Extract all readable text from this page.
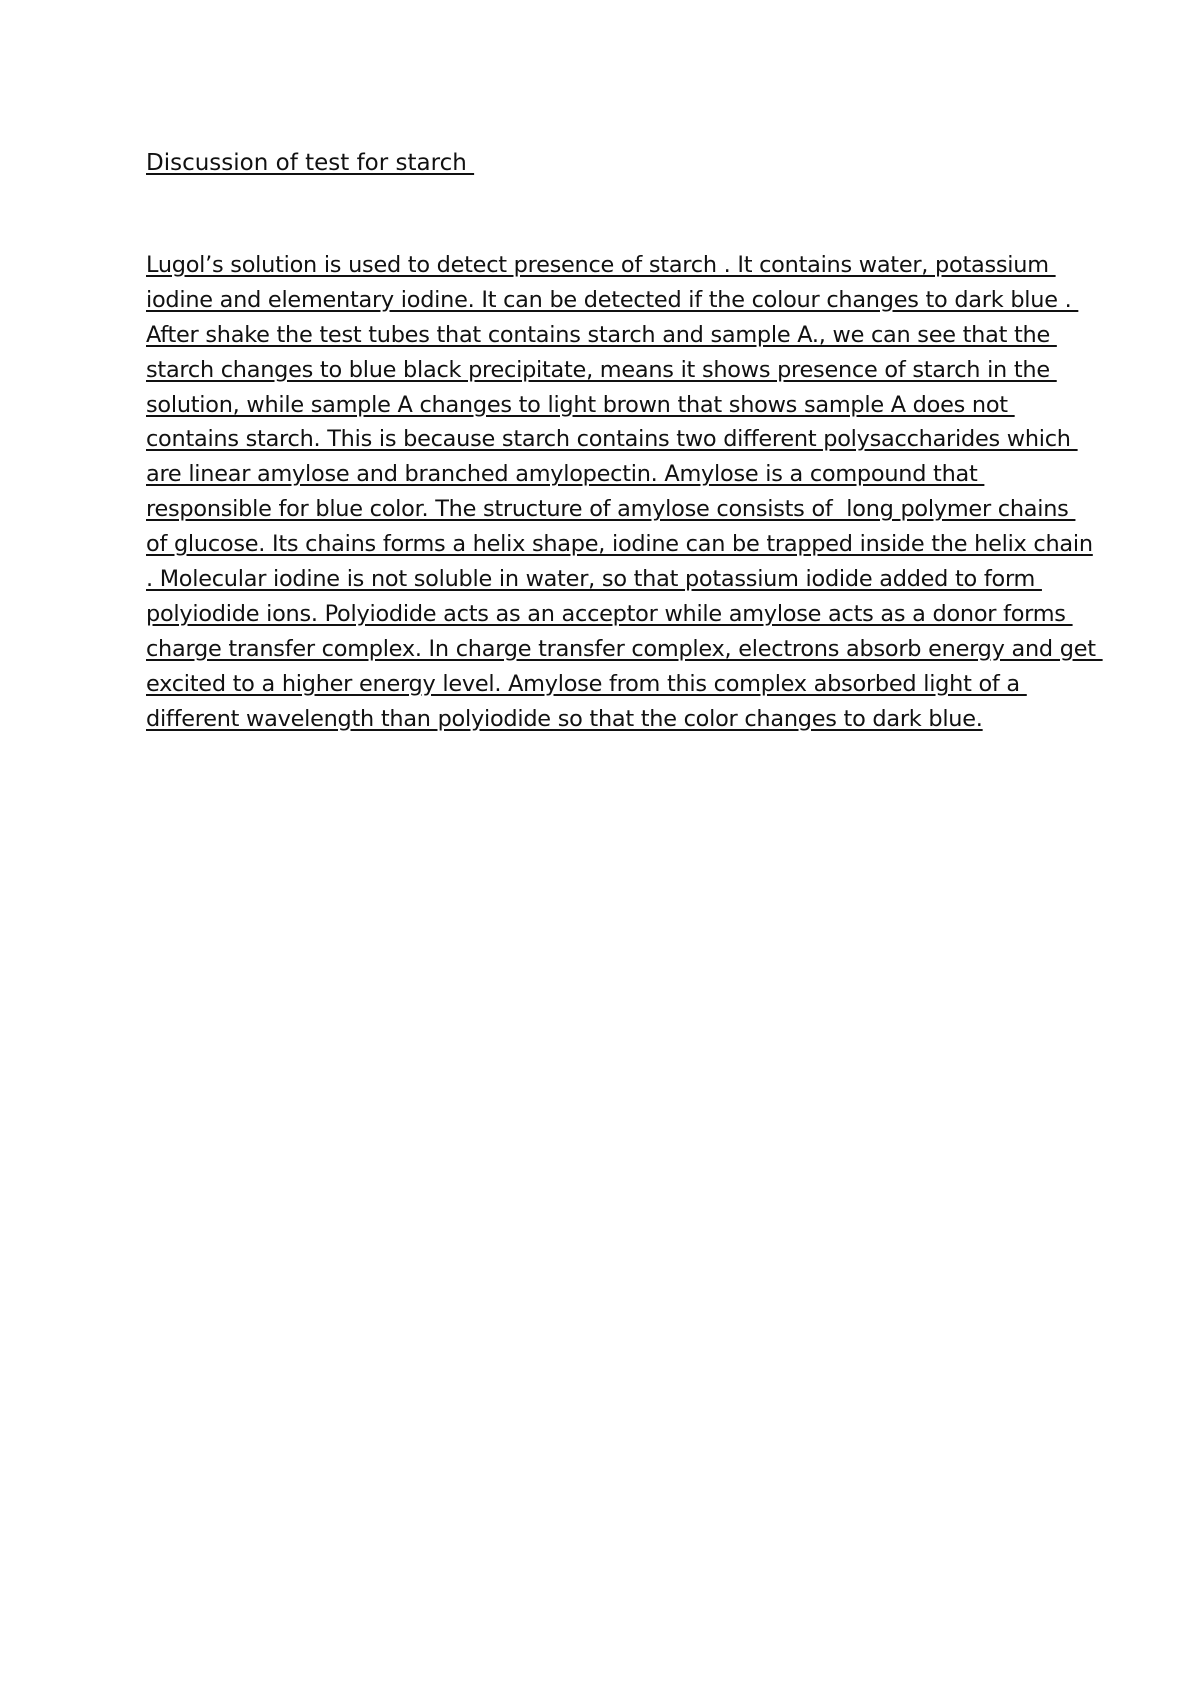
Discussion of test for starch
Lugol’s solution is used to detect presence of starch . It contains water, potassium
iodine and elementary iodine. It can be detected if the colour changes to dark blue .
After shake the test tubes that contains starch and sample A., we can see that the
starch changes to blue black precipitate, means it shows presence of starch in the
solution, while sample A changes to light brown that shows sample A does not
contains starch. This is because starch contains two different polysaccharides which
are linear amylose and branched amylopectin. Amylose is a compound that
responsible for blue color. The structure of amylose consists of  long polymer chains
of glucose. Its chains forms a helix shape, iodine can be trapped inside the helix chain
. Molecular iodine is not soluble in water, so that potassium iodide added to form
polyiodide ions. Polyiodide acts as an acceptor while amylose acts as a donor forms
charge transfer complex. In charge transfer complex, electrons absorb energy and get
excited to a higher energy level. Amylose from this complex absorbed light of a
different wavelength than polyiodide so that the color changes to dark blue.
